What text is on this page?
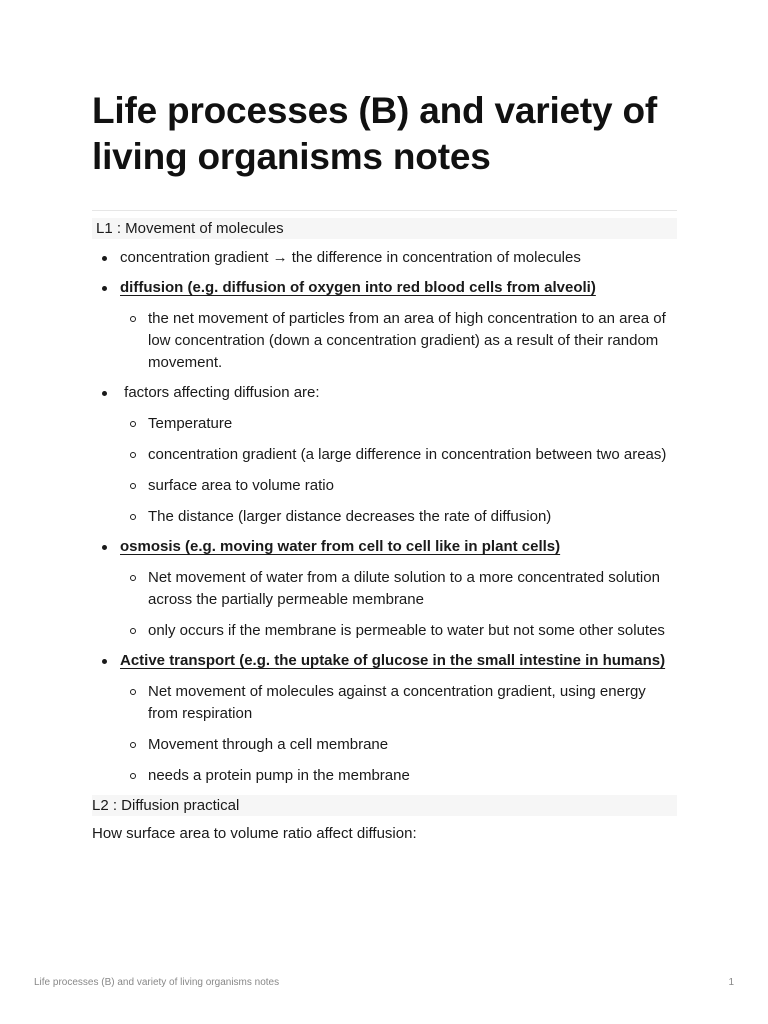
Life processes (B) and variety of living organisms notes
L1 : Movement of molecules
concentration gradient → the difference in concentration of molecules
diffusion (e.g. diffusion of oxygen into red blood cells from alveoli)
the net movement of particles from an area of high concentration to an area of low concentration (down a concentration gradient) as a result of their random movement.
factors affecting diffusion are:
Temperature
concentration gradient (a large difference in concentration between two areas)
surface area to volume ratio
The distance (larger distance decreases the rate of diffusion)
osmosis (e.g. moving water from cell to cell like in plant cells)
Net movement of water from a dilute solution to a more concentrated solution across the partially permeable membrane
only occurs if the membrane is permeable to water but not some other solutes
Active transport (e.g. the uptake of glucose in the small intestine in humans)
Net movement of molecules against a concentration gradient, using energy from respiration
Movement through a cell membrane
needs a protein pump in the membrane
L2 : Diffusion practical
How surface area to volume ratio affect diffusion:
Life processes (B) and variety of living organisms notes	1
